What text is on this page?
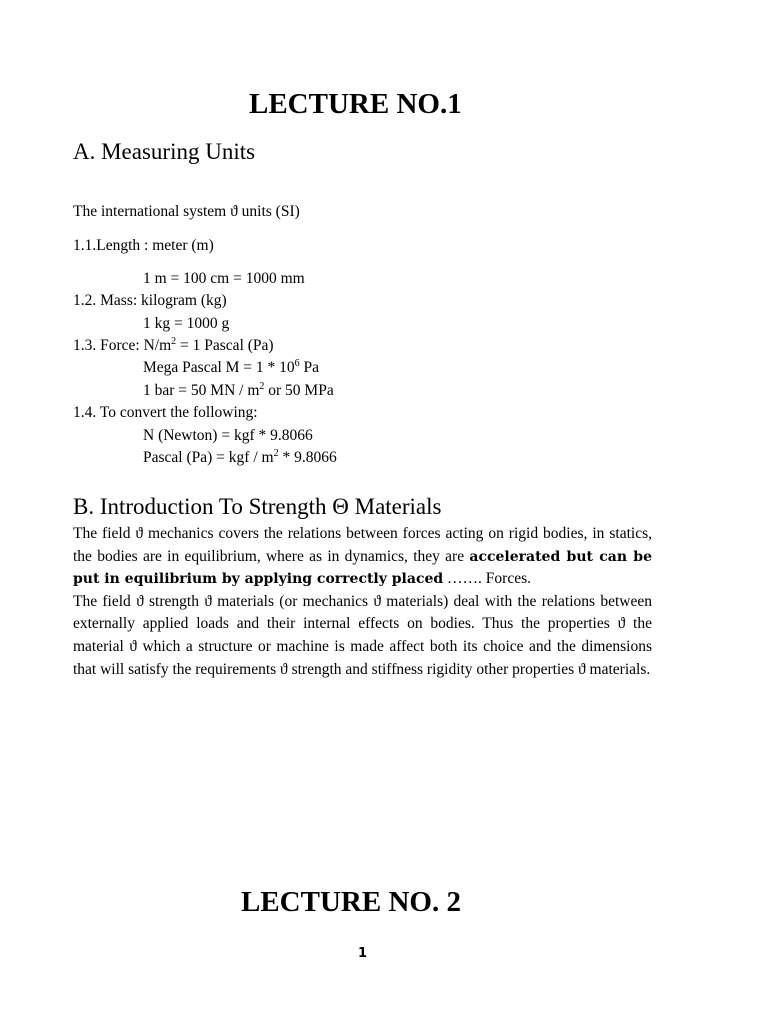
LECTURE NO.1
A. Measuring Units
The international system ϑ units (SI)
1.1.Length : meter (m)
1 m = 100 cm = 1000 mm
1.2. Mass: kilogram (kg)
1 kg = 1000 g
1.3. Force: $N/m^2 = 1$ Pascal (Pa)
Mega Pascal $M = 1 * 10^6$ Pa
1 bar = 50 MN / $m^2$ or 50 MPa
1.4. To convert the following:
N (Newton) = kgf * 9.8066
Pascal (Pa) = kgf / $m^2 * 9.8066$
B. Introduction To Strength Θ Materials

The field ϑ mechanics covers the relations between forces acting on rigid bodies, in statics, the bodies are in equilibrium, where as in dynamics, they are accelerated but can be put in equilibrium by applying correctly placed ……. Forces.

The field ϑ strength ϑ materials (or mechanics ϑ materials) deal with the relations between externally applied loads and their internal effects on bodies. Thus the properties ϑ the material ϑ which a structure or machine is made affect both its choice and the dimensions that will satisfy the requirements ϑ strength and stiffness rigidity other properties ϑ materials.

LECTURE NO. 2
1
